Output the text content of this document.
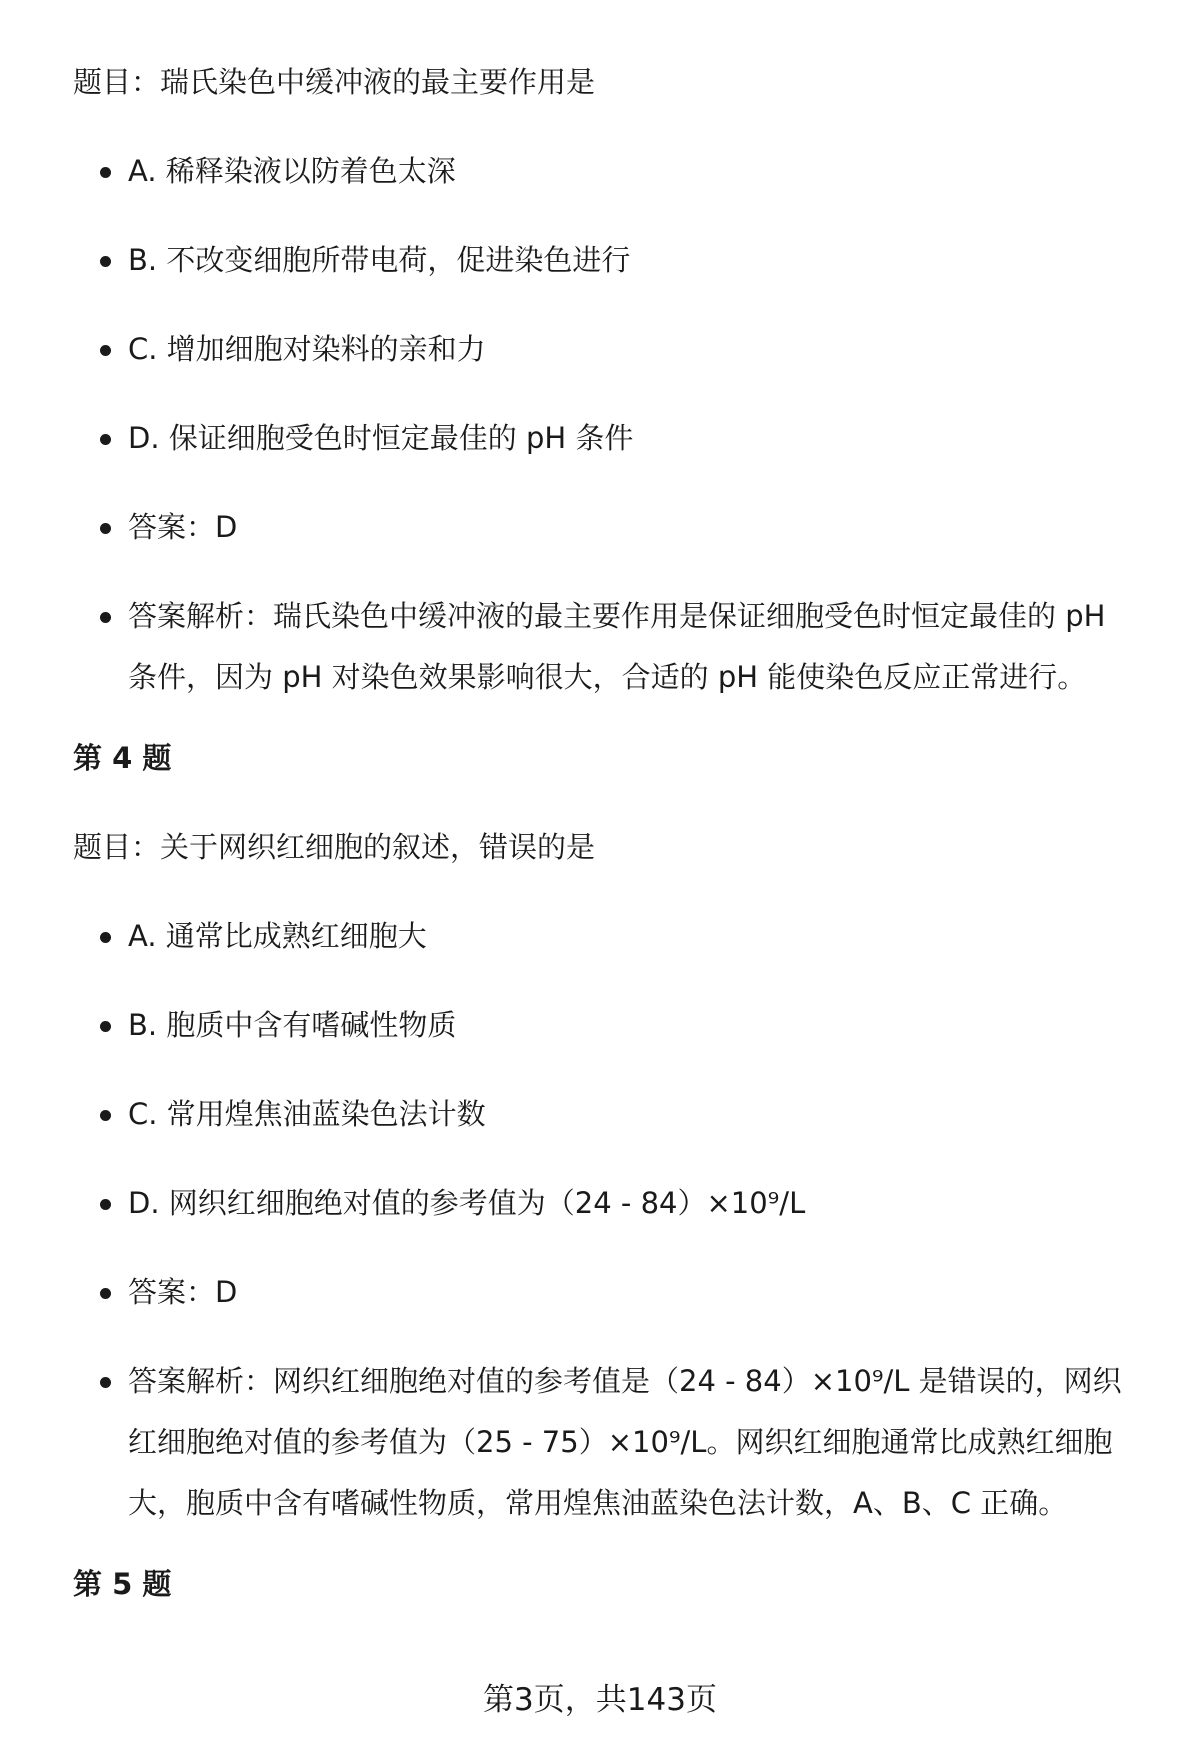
题目：瑞氏染色中缓冲液的最主要作用是

A. 稀释染液以防着色太深
B. 不改变细胞所带电荷，促进染色进行
C. 增加细胞对染料的亲和力
D. 保证细胞受色时恒定最佳的 pH 条件
答案：D
答案解析：瑞氏染色中缓冲液的最主要作用是保证细胞受色时恒定最佳的 pH 条件，因为 pH 对染色效果影响很大，合适的 pH 能使染色反应正常进行。

第 4 题

题目：关于网织红细胞的叙述，错误的是

A. 通常比成熟红细胞大
B. 胞质中含有嗜碱性物质
C. 常用煌焦油蓝染色法计数
D. 网织红细胞绝对值的参考值为（24 - 84）×10⁹/L
答案：D
答案解析：网织红细胞绝对值的参考值是（24 - 84）×10⁹/L 是错误的，网织红细胞绝对值的参考值为（25 - 75）×10⁹/L。网织红细胞通常比成熟红细胞大，胞质中含有嗜碱性物质，常用煌焦油蓝染色法计数，A、B、C 正确。

第 5 题

第3页，共143页
